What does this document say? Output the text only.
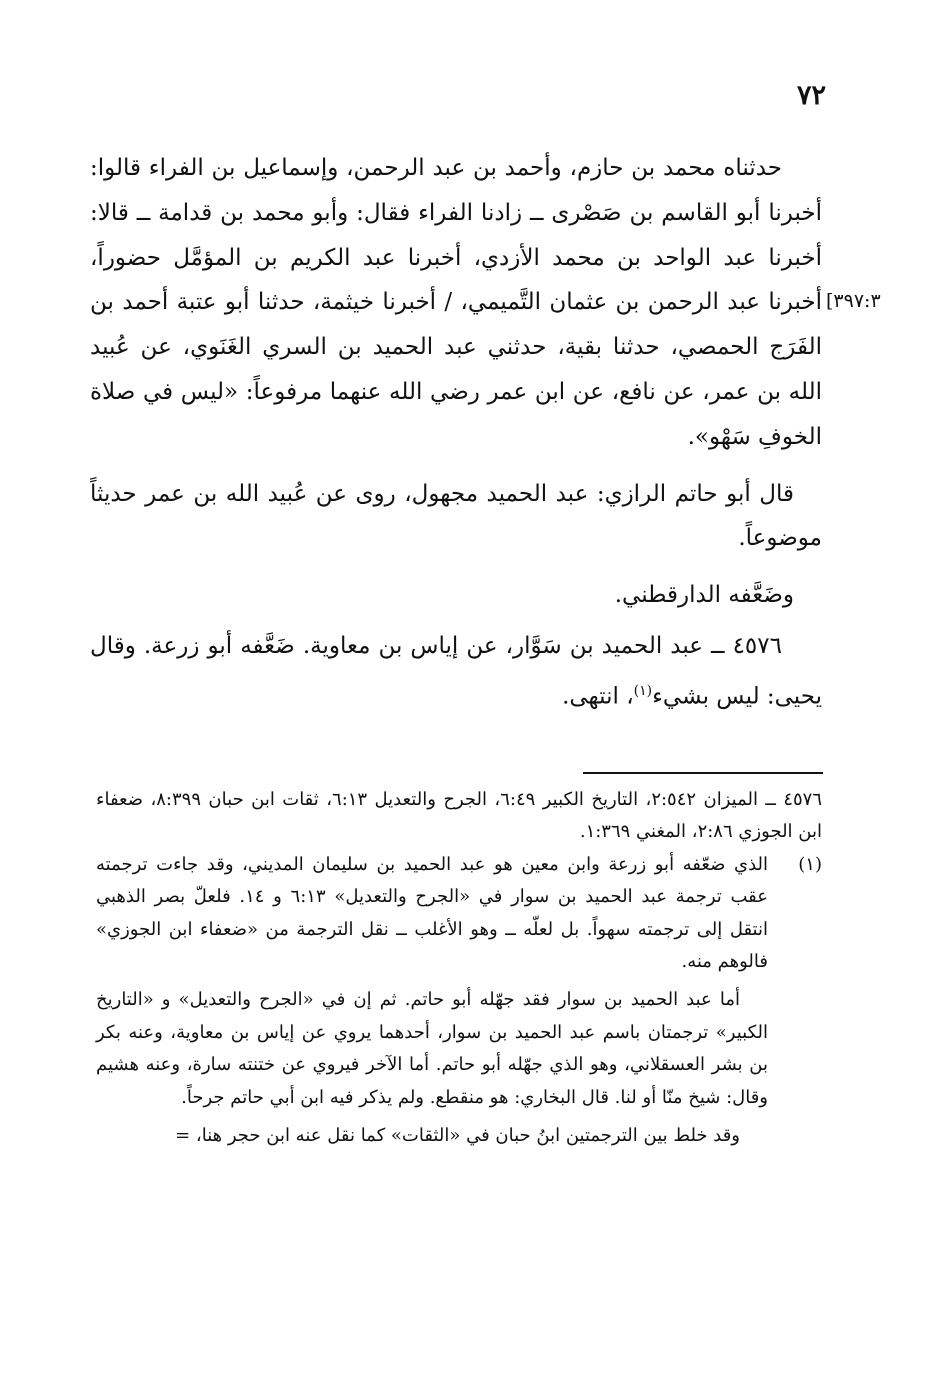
٧٢
[٣٩٧:٣

حدثناه محمد بن حازم، وأحمد بن عبد الرحمن، وإسماعيل بن الفراء قالوا: أخبرنا أبو القاسم بن صَصْرى ــ زادنا الفراء فقال: وأبو محمد بن قدامة ــ قالا: أخبرنا عبد الواحد بن محمد الأزدي، أخبرنا عبد الكريم بن المؤمَّل حضوراً، أخبرنا عبد الرحمن بن عثمان التَّميمي، / أخبرنا خيثمة، حدثنا أبو عتبة أحمد بن الفَرَج الحمصي، حدثنا بقية، حدثني عبد الحميد بن السري الغَنَوي، عن عُبيد الله بن عمر، عن نافع، عن ابن عمر رضي الله عنهما مرفوعاً: «ليس في صلاة الخوفِ سَهْو».

قال أبو حاتم الرازي: عبد الحميد مجهول، روى عن عُبيد الله بن عمر حديثاً موضوعاً.

وضَعَّفه الدارقطني.

٤٥٧٦ ــ عبد الحميد بن سَوَّار، عن إياس بن معاوية. ضَعَّفه أبو زرعة. وقال يحيى: ليس بشيء$^{(١)}$، انتهى.

٤٥٧٦ ــ الميزان ٢:٥٤٢، التاريخ الكبير ٦:٤٩، الجرح والتعديل ٦:١٣، ثقات ابن حبان ٨:٣٩٩، ضعفاء ابن الجوزي ٢:٨٦، المغني ١:٣٦٩.

(١)

الذي ضعّفه أبو زرعة وابن معين هو عبد الحميد بن سليمان المديني، وقد جاءت ترجمته عقب ترجمة عبد الحميد بن سوار في «الجرح والتعديل» ٦:١٣ و ١٤. فلعلّ بصر الذهبي انتقل إلى ترجمته سهواً. بل لعلّه ــ وهو الأغلب ــ نقل الترجمة من «ضعفاء ابن الجوزي» فالوهم منه.

أما عبد الحميد بن سوار فقد جهّله أبو حاتم. ثم إن في «الجرح والتعديل» و «التاريخ الكبير» ترجمتان باسم عبد الحميد بن سوار، أحدهما يروي عن إياس بن معاوية، وعنه بكر بن بشر العسقلاني، وهو الذي جهّله أبو حاتم. أما الآخر فيروي عن ختنته سارة، وعنه هشيم وقال: شيخ منّا أو لنا. قال البخاري: هو منقطع. ولم يذكر فيه ابن أبي حاتم جرحاً.

وقد خلط بين الترجمتين ابنُ حبان في «الثقات» كما نقل عنه ابن حجر هنا، =
